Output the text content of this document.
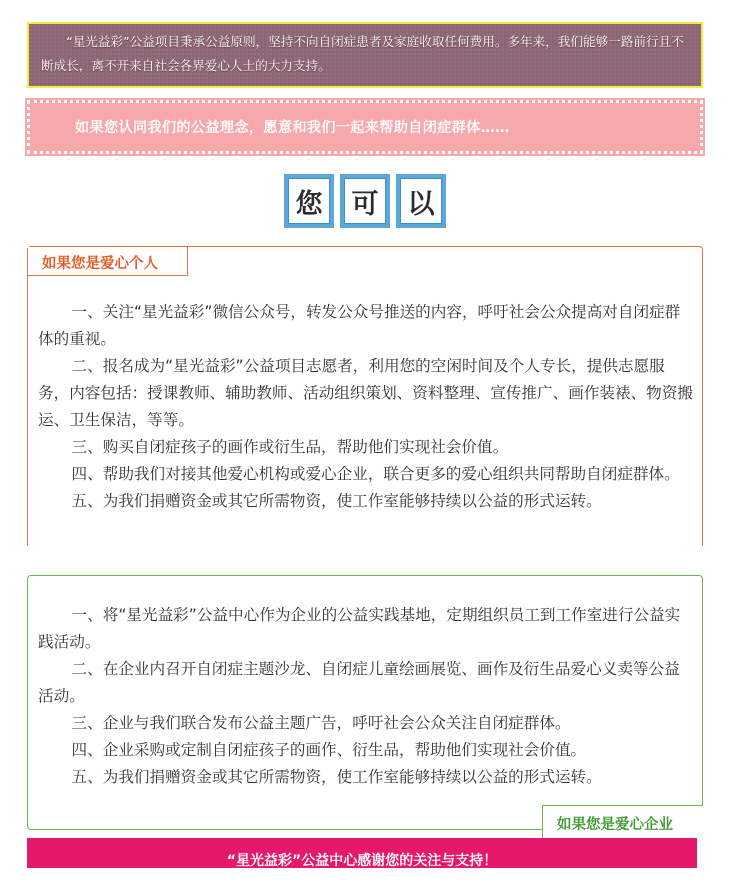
“星光益彩”公益项目秉承公益原则，坚持不向自闭症患者及家庭收取任何费用。多年来，我们能够一路前行且不断成长，离不开来自社会各界爱心人士的大力支持。
如果您认同我们的公益理念，愿意和我们一起来帮助自闭症群体……
您 可 以
如果您是爱心个人

一、关注“星光益彩”微信公众号，转发公众号推送的内容，呼吁社会公众提高对自闭症群体的重视。

二、报名成为“星光益彩”公益项目志愿者，利用您的空闲时间及个人专长，提供志愿服务，内容包括：授课教师、辅助教师、活动组织策划、资料整理、宣传推广、画作装裱、物资搬运、卫生保洁，等等。

三、购买自闭症孩子的画作或衍生品，帮助他们实现社会价值。

四、帮助我们对接其他爱心机构或爱心企业，联合更多的爱心组织共同帮助自闭症群体。

五、为我们捐赠资金或其它所需物资，使工作室能够持续以公益的形式运转。

一、将“星光益彩”公益中心作为企业的公益实践基地，定期组织员工到工作室进行公益实践活动。

二、在企业内召开自闭症主题沙龙、自闭症儿童绘画展览、画作及衍生品爱心义卖等公益活动。

三、企业与我们联合发布公益主题广告，呼吁社会公众关注自闭症群体。

四、企业采购或定制自闭症孩子的画作、衍生品，帮助他们实现社会价值。

五、为我们捐赠资金或其它所需物资，使工作室能够持续以公益的形式运转。

如果您是爱心企业
“星光益彩”公益中心感谢您的关注与支持！
